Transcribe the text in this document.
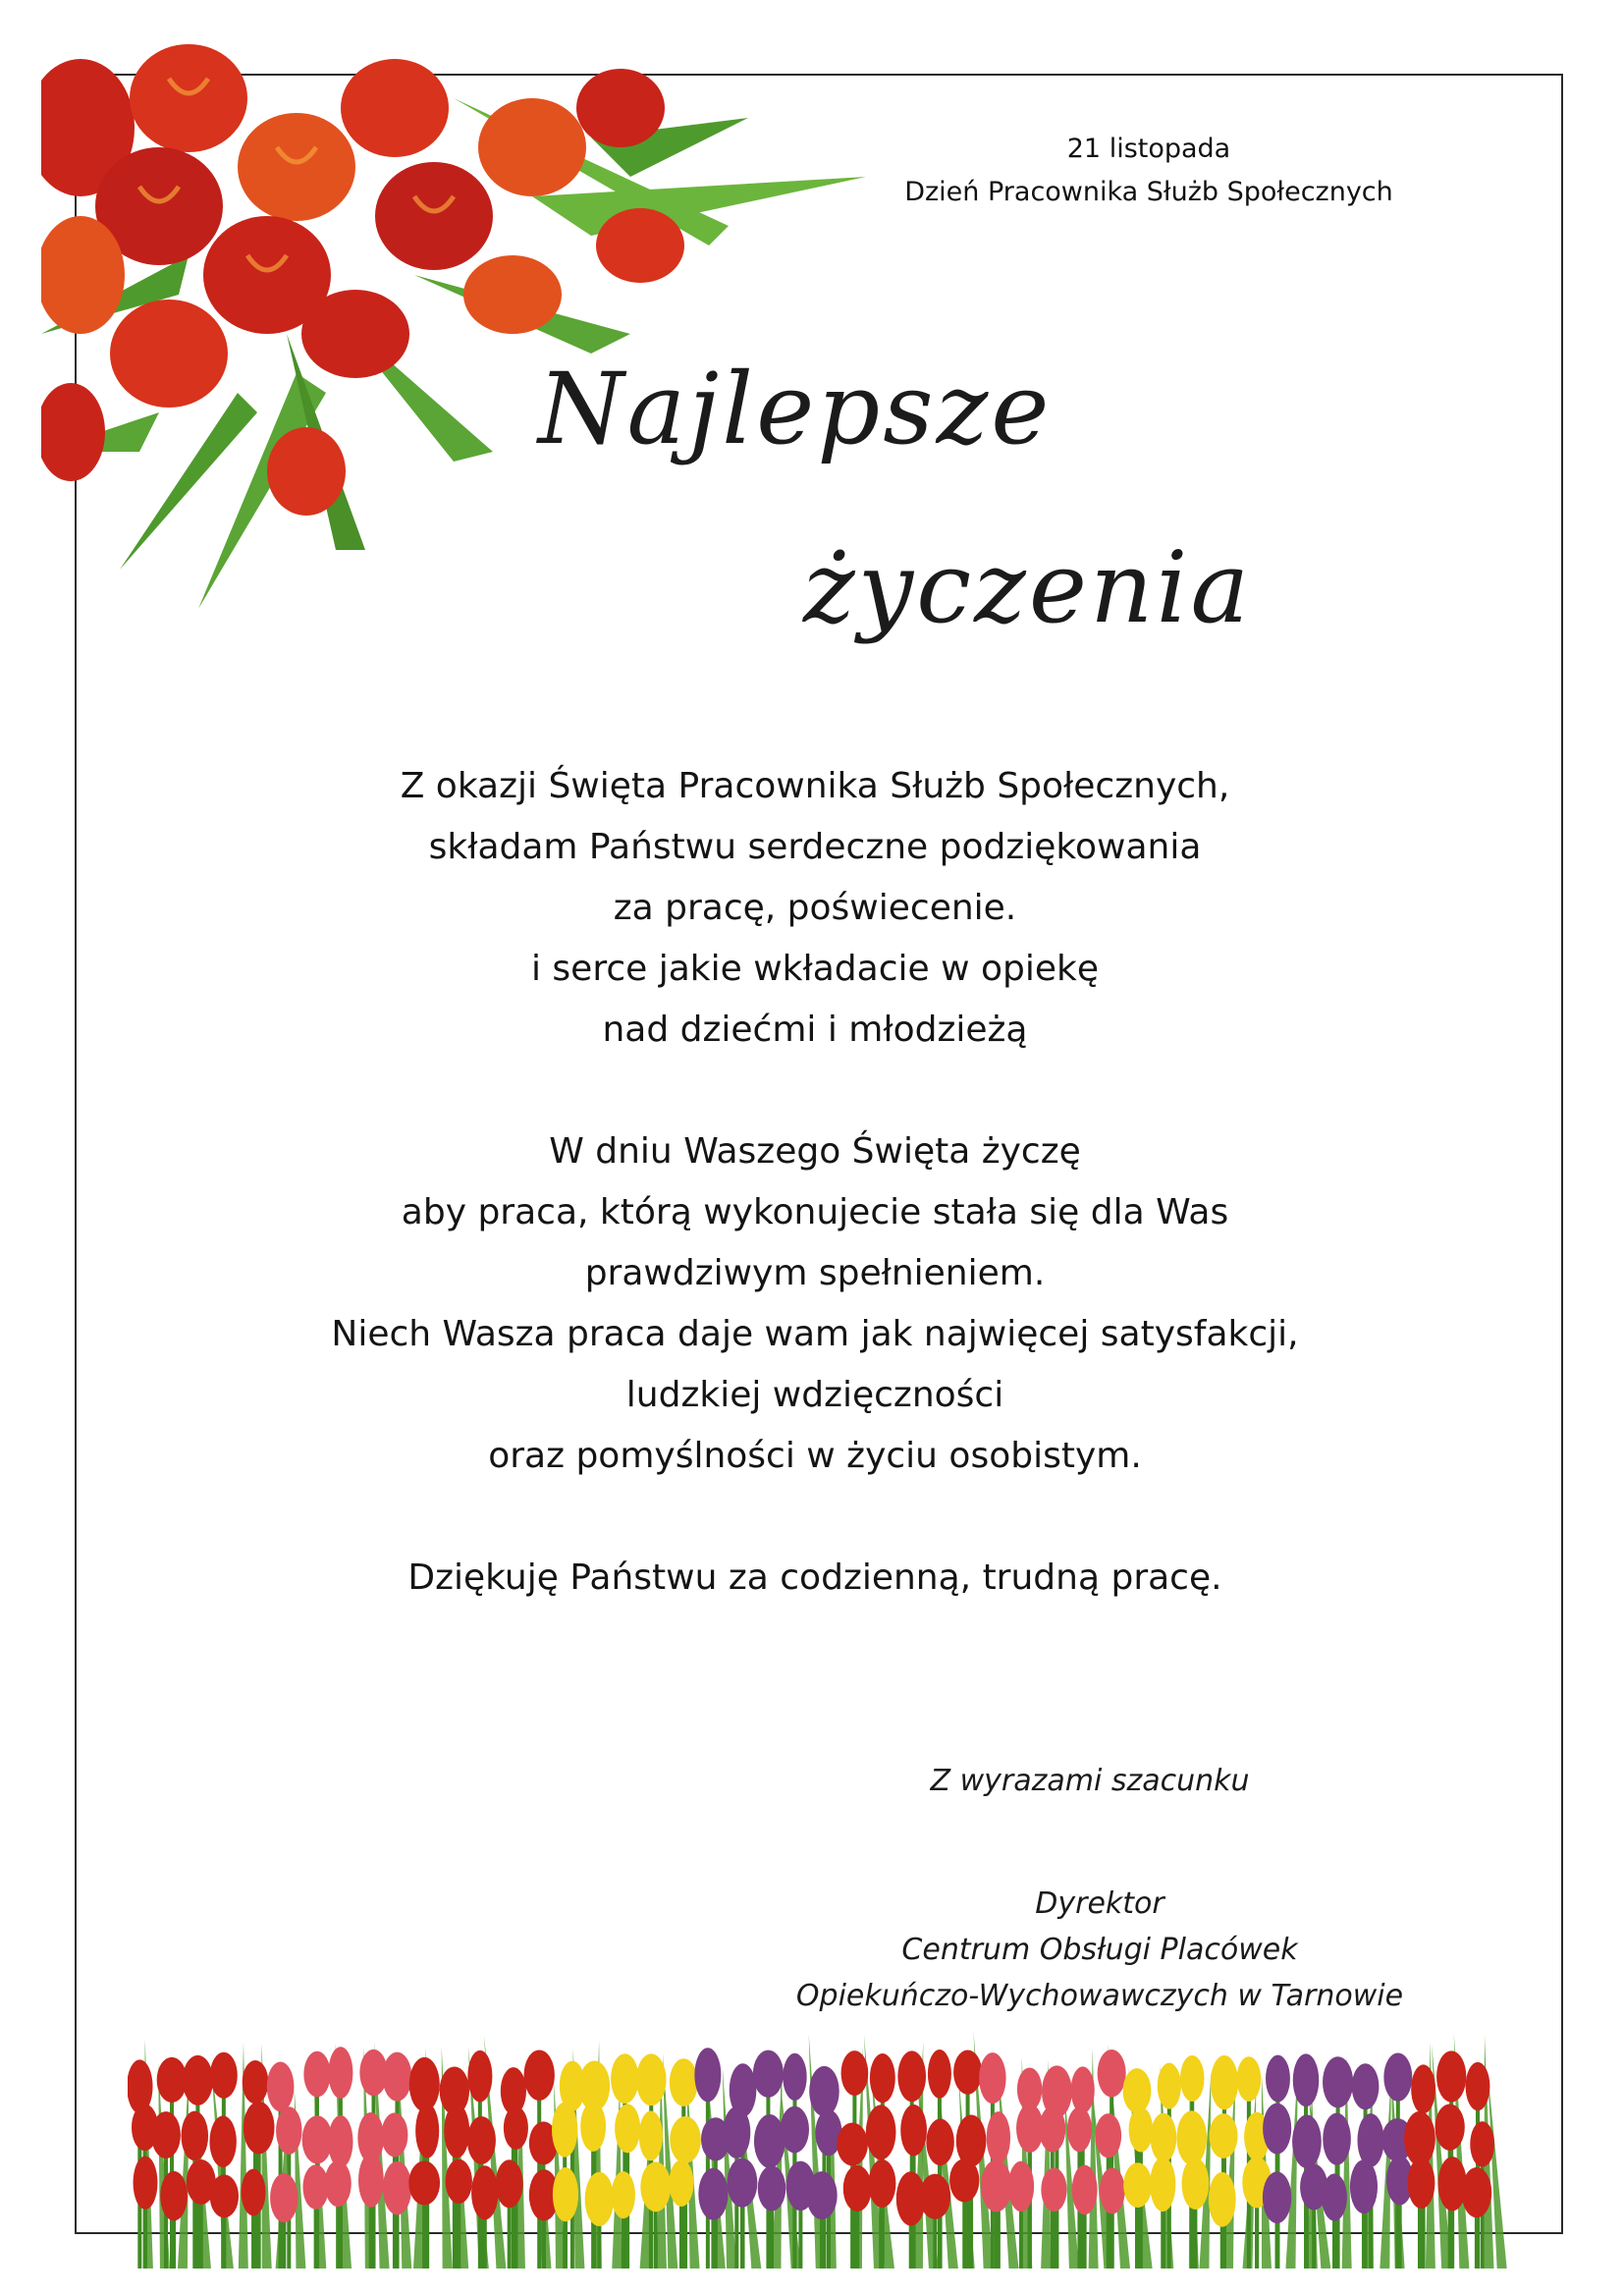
21 listopada
Dzień Pracownika Służb Społecznych
Najlepsze
życzenia
Z okazji Święta Pracownika Służb Społecznych,
składam Państwu serdeczne podziękowania
za pracę, poświecenie.
i serce jakie wkładacie w opiekę
nad dziećmi i młodzieżą
W dniu Waszego Święta życzę
aby praca, którą wykonujecie stała się dla Was
prawdziwym spełnieniem.
Niech Wasza praca daje wam jak najwięcej satysfakcji,
ludzkiej wdzięczności
oraz pomyślności w życiu osobistym.
Dziękuję Państwu za codzienną, trudną pracę.
Z wyrazami szacunku
Dyrektor
Centrum Obsługi Placówek
Opiekuńczo-Wychowawczych w Tarnowie
